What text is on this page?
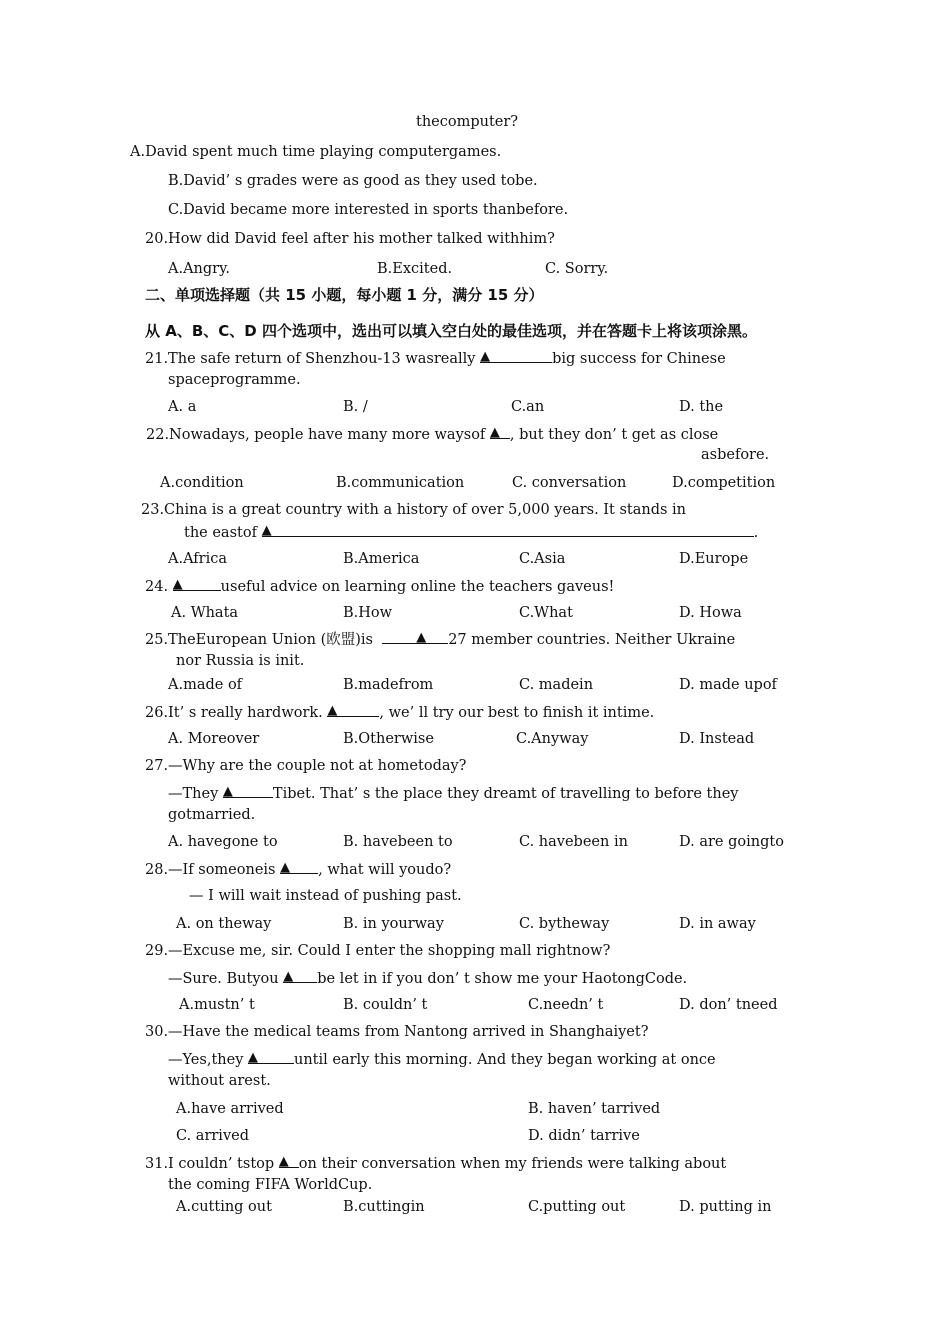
thecomputer?
A.David spent much time playing computergames.
B.David’ s grades were as good as they used tobe.
C.David became more interested in sports thanbefore.
20.How did David feel after his mother talked withhim?
A.Angry.	B.Excited.	C. Sorry.
二、单项选择题（共 15 小题，每小题 1 分，满分 15 分）
从 A、B、C、D 四个选项中，选出可以填入空白处的最佳选项，并在答题卡上将该项涂黑。
21.The safe return of Shenzhou-13 wasreally ▲	big success for Chinese
spaceprogramme.
A. a	B. /	C.an	D. the
22.Nowadays, people have many more waysof ▲ , but they don’ t get as close
asbefore.
A.condition	B.communication	C. conversation	D.competition
23.China is a great country with a history of over 5,000 years. It stands in
the eastof ▲	.
A.Africa	B.America	C.Asia	D.Europe
24. ▲	useful advice on learning online the teachers gaveus!
A. Whata	B.How	C.What	D. Howa
25.TheEuropean Union (欧盟)is	▲ 27 member countries. Neither Ukraine
nor Russia is init.
A.made of	B.madefrom	C. madein	D. made upof
26.It’ s really hardwork. ▲	, we’ ll try our best to finish it intime.
A. Moreover	B.Otherwise	C.Anyway	D. Instead
27.—Why are the couple not at hometoday?
—They ▲	Tibet. That’ s the place they dreamt of travelling to before they
gotmarried.
A. havegone to	B. havebeen to	C. havebeen in	D. are goingto
28.—If someoneis ▲ , what will youdo?
— I will wait instead of pushing past.
A. on theway	B. in yourway	C. bytheway	D. in away
29.—Excuse me, sir. Could I enter the shopping mall rightnow?
—Sure. Butyou ▲ be let in if you don’ t show me your HaotongCode.
A.mustn’ t	B. couldn’ t	C.needn’ t	D. don’ tneed
30.—Have the medical teams from Nantong arrived in Shanghaiyet?
—Yes,they ▲ until early this morning. And they began working at once
without arest.
A.have arrived	B. haven’ tarrived
C. arrived	D. didn’ tarrive
31.I couldn’ tstop ▲ on their conversation when my friends were talking about
the coming FIFA WorldCup.
A.cutting out	B.cuttingin	C.putting out	D. putting in
